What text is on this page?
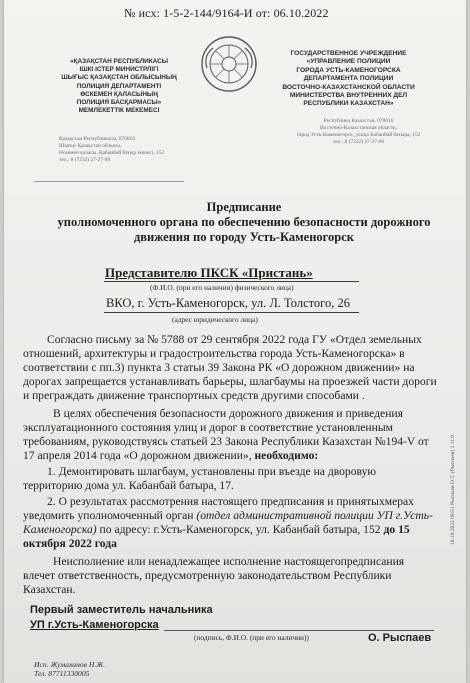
№ исх: 1-5-2-144/9164-И от: 06.10.2022
«ҚАЗАҚСТАН РЕСПУБЛИКАСЫ
ІШКІ ІСТЕР МИНИСТРЛІГІ
ШЫҒЫС ҚАЗАҚСТАН ОБЛЫСЫНЫҢ
ПОЛИЦИЯ ДЕПАРТАМЕНТІ
ӨСКЕМЕН ҚАЛАСЫНЫҢ
ПОЛИЦИЯ БАСҚАРМАСЫ»
МЕМЛЕКЕТТІК МЕКЕМЕСІ
ГОСУДАРСТВЕННОЕ УЧРЕЖДЕНИЕ
«УПРАВЛЕНИЕ ПОЛИЦИИ
ГОРОДА УСТЬ-КАМЕНОГОРСКА
ДЕПАРТАМЕНТА ПОЛИЦИИ
ВОСТОЧНО-КАЗАХСТАНСКОЙ ОБЛАСТИ
МИНИСТЕРСТВА ВНУТРЕННИХ ДЕЛ
РЕСПУБЛИКИ КАЗАХСТАН»
Қазақстан Республикасы, 070016
Шығыс Қазақстан облысы,
Өскемен қаласы, Қабанбай батыр көшесі, 152
тел.: 8 (7232) 27-27-60
Республика Казахстан, 070016
Восточно-Казахстанская область,
город Усть-Каменогорск, улица Кабанбай батыра, 152
тел.: 8 (7232) 27-27-60
Предписание
уполномоченного органа по обеспечению безопасности дорожного
движения по городу Усть-Каменогорск
Представителю ПКСК «Пристань»
(Ф.И.О. (при его наличии) физического лица)
ВКО, г. Усть-Каменогорск, ул. Л. Толстого, 26
(адрес юридического лица)
Согласно письму за № 5788 от 29 сентября 2022 года ГУ «Отдел земельных
отношений, архитектуры и градостроительства города Усть-Каменогорска» в
соответствии с пп.3) пункта 3 статьи 39 Закона РК «О дорожном движении» на
дорогах запрещается устанавливать барьеры, шлагбаумы на проезжей части дороги
и преграждать движение транспортных средств другими способами .
В целях обеспечения безопасности дорожного движения и приведения
эксплуатационного состояния улиц и дорог в соответствие установленным
требованиям, руководствуясь статьей 23 Закона Республики Казахстан №194-V от
17 апреля 2014 года «О дорожном движении», необходимо:
1. Демонтировать шлагбаум, установлены при въезде на дворовую
территорию дома ул. Кабанбай батыра, 17.
2. О результатах рассмотрения настоящего предписания и принятыхмерах
уведомить уполномоченный орган (отдел административной полиции УП г.Усть-
Каменогорска) по адресу: г.Усть-Каменогорск, ул. Кабанбай батыра, 152 до 15
октября 2022 года
Неисполнение или ненадлежащее исполнение настоящегопредписания
влечет ответственность, предусмотренную законодательством Республики
Казахстан.
Первый заместитель начальника
УП г.Усть-Каменогорска
(подпись, Ф.И.О. (при его наличии))	О. Рыспаев
Исп. Жумаханов Н.Ж.
Тел. 87711330005
18.10.2022 09:51 Рыспаев О.Т. (Рыспаев) 2.11.0
